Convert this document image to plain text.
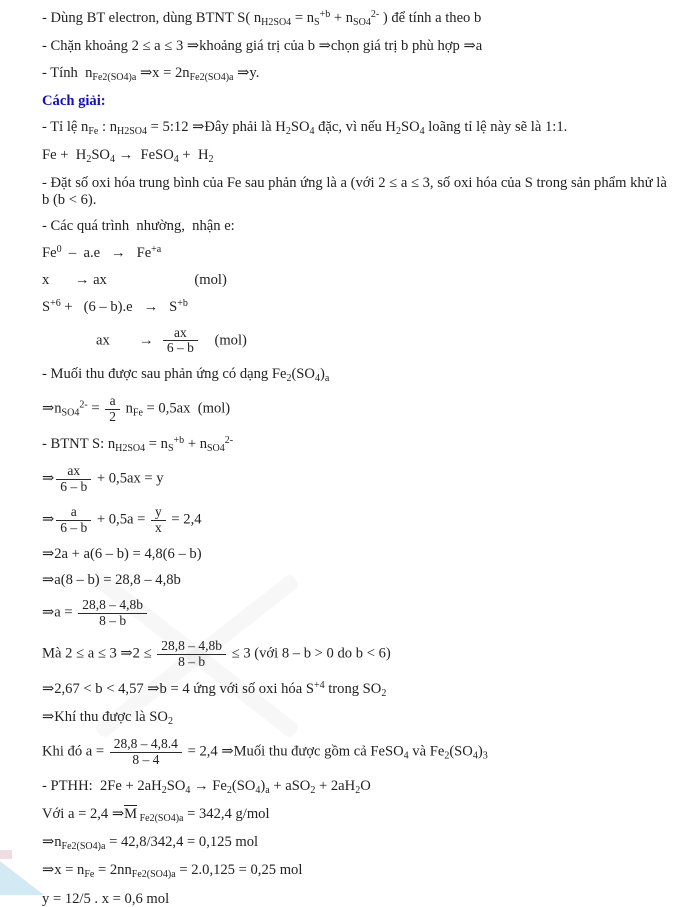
- Dùng BT electron, dùng BTNT S( $n_{H2SO4} = n_S^{+b} + n_{SO4}^{2-}$ ) để tính a theo b
- Chặn khoảng 2 ≤ a ≤ 3 ⇒khoảng giá trị của b ⇒chọn giá trị b phù hợp ⇒a
- Tính  $n_{Fe2(SO4)a}$ ⇒x = $2n_{Fe2(SO4)a}$ ⇒y.
Cách giải:
- Tỉ lệ $n_{Fe}$ : $n_{H2SO4}$ = 5:12 ⇒Đây phải là $H_2SO_4$ đặc, vì nếu $H_2SO_4$ loãng tỉ lệ này sẽ là 1:1.
$Fe + H_2SO_4$ →  FeSO$_4$ +  $H_2$
- Đặt số oxi hóa trung bình của Fe sau phản ứng là a (với 2 ≤ a ≤ 3, số oxi hóa của S trong sản phẩm khử là b (b < 6).
- Các quá trình  nhường,  nhận e:
$Fe^0 - a.e \to Fe^{+a}$
x       → ax                        (mol)
$S^{+6} + (6 - b).e \to S^{+b}$
ax        → $\frac{ax}{6 - b} (mol)$
- Muối thu được sau phản ứng có dạng $Fe_2(SO_4)_a$
$\Rightarrow n_{SO4}^{2-} = \frac{a}{2} n_{Fe} = 0,5ax$  (mol)
- BTNT S: $n_{H2SO4} = n_S^{+b} + n_{SO4}^{2-}$
⇒ $\frac{ax}{6 - b} + 0,5ax = y$
⇒ $\frac{a}{6 - b} + 0,5a = \frac{y}{x} = 2,4$
⇒2a + a(6 – b) = 4,8(6 – b)
⇒a(8 – b) = 28,8 – 4,8b
⇒a = $\frac{28,8 - 4,8b}{8 - b}$
Mà 2 ≤ a ≤ 3 ⇒2 ≤ $\frac{28,8 - 4,8b}{8 - b} \le 3$ (với 8 – b > 0 do b < 6)
⇒2,67 < b < 4,57 ⇒b = 4 ứng với số oxi hóa $S^{+4}$ trong $SO_2$
⇒Khí thu được là $SO_2$
Khi đó $a = \frac{28,8 - 4,8.4}{8 - 4} = 2,4$ ⇒Muối thu được gồm cả FeSO$_4$ và $Fe_2(SO_4)_3$
- PTHH:  $2Fe + 2aH_2SO_4 \to Fe_2(SO_4)_a + aSO_2 + 2aH_2O$
Với a = 2,4 $\Rightarrow\overline{M}$ $_{Fe2(SO4)a}$ = 342,4 g/mol
$\Rightarrow n_{Fe2(SO4)a} = 42,8/342,4 = 0,125$ mol
⇒x = $n_{Fe} = 2nn_{Fe2(SO4)a} = 2.0,125 = 0,25$ mol
y = 12/5 . x = 0,6 mol
